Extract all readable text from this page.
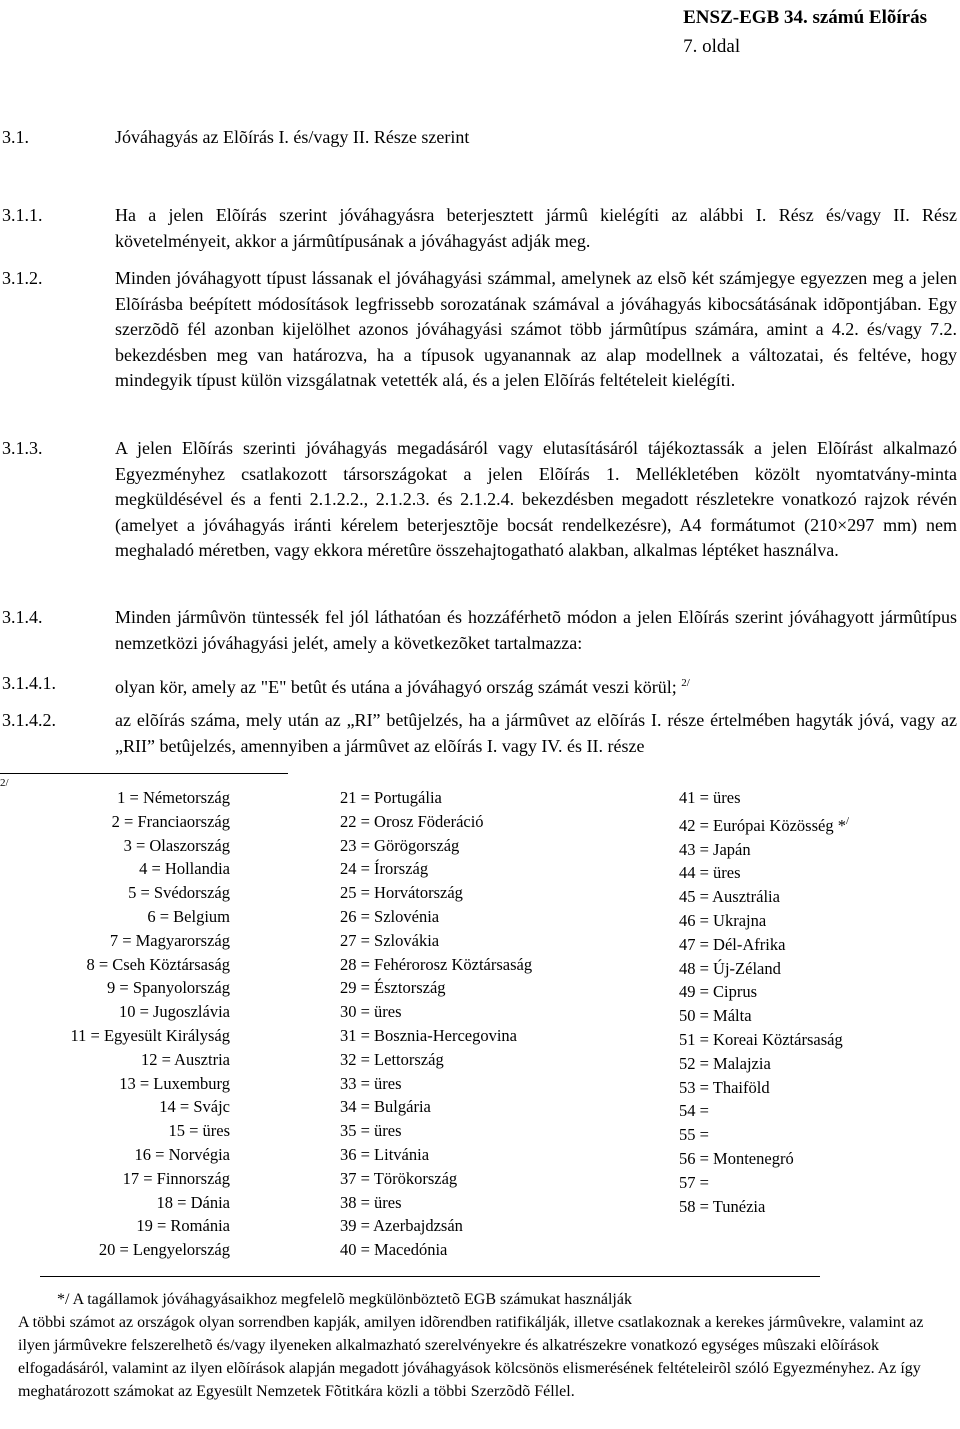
ENSZ-EGB 34. számú Elõírás
7. oldal
3.1.	Jóváhagyás az Elõírás I. és/vagy II. Része szerint
3.1.1.	Ha a jelen Elõírás szerint jóváhagyásra beterjesztett jármû kielégíti az alábbi I. Rész és/vagy II. Rész követelményeit, akkor a jármûtípusának a jóváhagyást adják meg.
3.1.2.	Minden jóváhagyott típust lássanak el jóváhagyási számmal, amelynek az elsõ két számjegye egyezzen meg a jelen Elõírásba beépített módosítások legfrissebb sorozatának számával a jóváhagyás kibocsátásának idõpontjában. Egy szerzõdõ fél azonban kijelölhet azonos jóváhagyási számot több jármûtípus számára, amint a 4.2. és/vagy 7.2. bekezdésben meg van határozva, ha a típusok ugyanannak az alap modellnek a változatai, és feltéve, hogy mindegyik típust külön vizsgálatnak vetették alá, és a jelen Elõírás feltételeit kielégíti.
3.1.3.	A jelen Elõírás szerinti jóváhagyás megadásáról vagy elutasításáról tájékoztassák a jelen Elõírást alkalmazó Egyezményhez csatlakozott társországokat a jelen Elõírás 1. Mellékletében közölt nyomtatvány-minta megküldésével és a fenti 2.1.2.2., 2.1.2.3. és 2.1.2.4. bekezdésben megadott részletekre vonatkozó rajzok révén (amelyet a jóváhagyás iránti kérelem beterjesztõje bocsát rendelkezésre), A4 formátumot (210×297 mm) nem meghaladó méretben, vagy ekkora méretûre összehajtogatható alakban, alkalmas léptéket használva.
3.1.4.	Minden jármûvön tüntessék fel jól láthatóan és hozzáférhetõ módon a jelen Elõírás szerint jóváhagyott jármûtípus nemzetközi jóváhagyási jelét, amely a következõket tartalmazza:
3.1.4.1.	olyan kör, amely az "E" betût és utána a jóváhagyó ország számát veszi körül; $^{2/}$
3.1.4.2.	az elõírás száma, mely után az „RI” betûjelzés, ha a jármûvet az elõírás I. része értelmében hagyták jóvá, vagy az „RII” betûjelzés, amennyiben a jármûvet az elõírás I. vagy IV. és II. része
2/
1 = Németország
2 = Franciaország
3 = Olaszország
4 = Hollandia
5 = Svédország
6 = Belgium
7 = Magyarország
8 = Cseh Köztársaság
9 = Spanyolország
10 = Jugoszlávia
11 = Egyesült Királyság
12 = Ausztria
13 = Luxemburg
14 = Svájc
15 = üres
16 = Norvégia
17 = Finnország
18 = Dánia
19 = Románia
20 = Lengyelország
21 = Portugália
22 = Orosz Föderáció
23 = Görögország
24 = Írország
25 = Horvátország
26 = Szlovénia
27 = Szlovákia
28 = Fehérorosz Köztársaság
29 = Észtország
30 = üres
31 = Bosznia-Hercegovina
32 = Lettország
33 = üres
34 = Bulgária
35 = üres
36 = Litvánia
37 = Törökország
38 = üres
39 = Azerbajdzsán
40 = Macedónia
41 = üres
42 = Európai Közösség */
43 = Japán
44 = üres
45 = Ausztrália
46 = Ukrajna
47 = Dél-Afrika
48 = Új-Zéland
49 = Ciprus
50 = Málta
51 = Koreai Köztársaság
52 = Malajzia
53 = Thaiföld
54 =
55 =
56 = Montenegró
57 =
58 = Tunézia
*/ A tagállamok jóváhagyásaikhoz megfelelõ megkülönböztetõ EGB számukat használják
A többi számot az országok olyan sorrendben kapják, amilyen idõrendben ratifikálják, illetve csatlakoznak a kerekes jármûvekre, valamint az ilyen jármûvekre felszerelhetõ és/vagy ilyeneken alkalmazható szerelvényekre és alkatrészekre vonatkozó egységes mûszaki elõírások elfogadásáról, valamint az ilyen elõírások alapján megadott jóváhagyások kölcsönös elismerésének feltételeirõl szóló Egyezményhez. Az így meghatározott számokat az Egyesült Nemzetek Fõtitkára közli a többi Szerzõdõ Féllel.
